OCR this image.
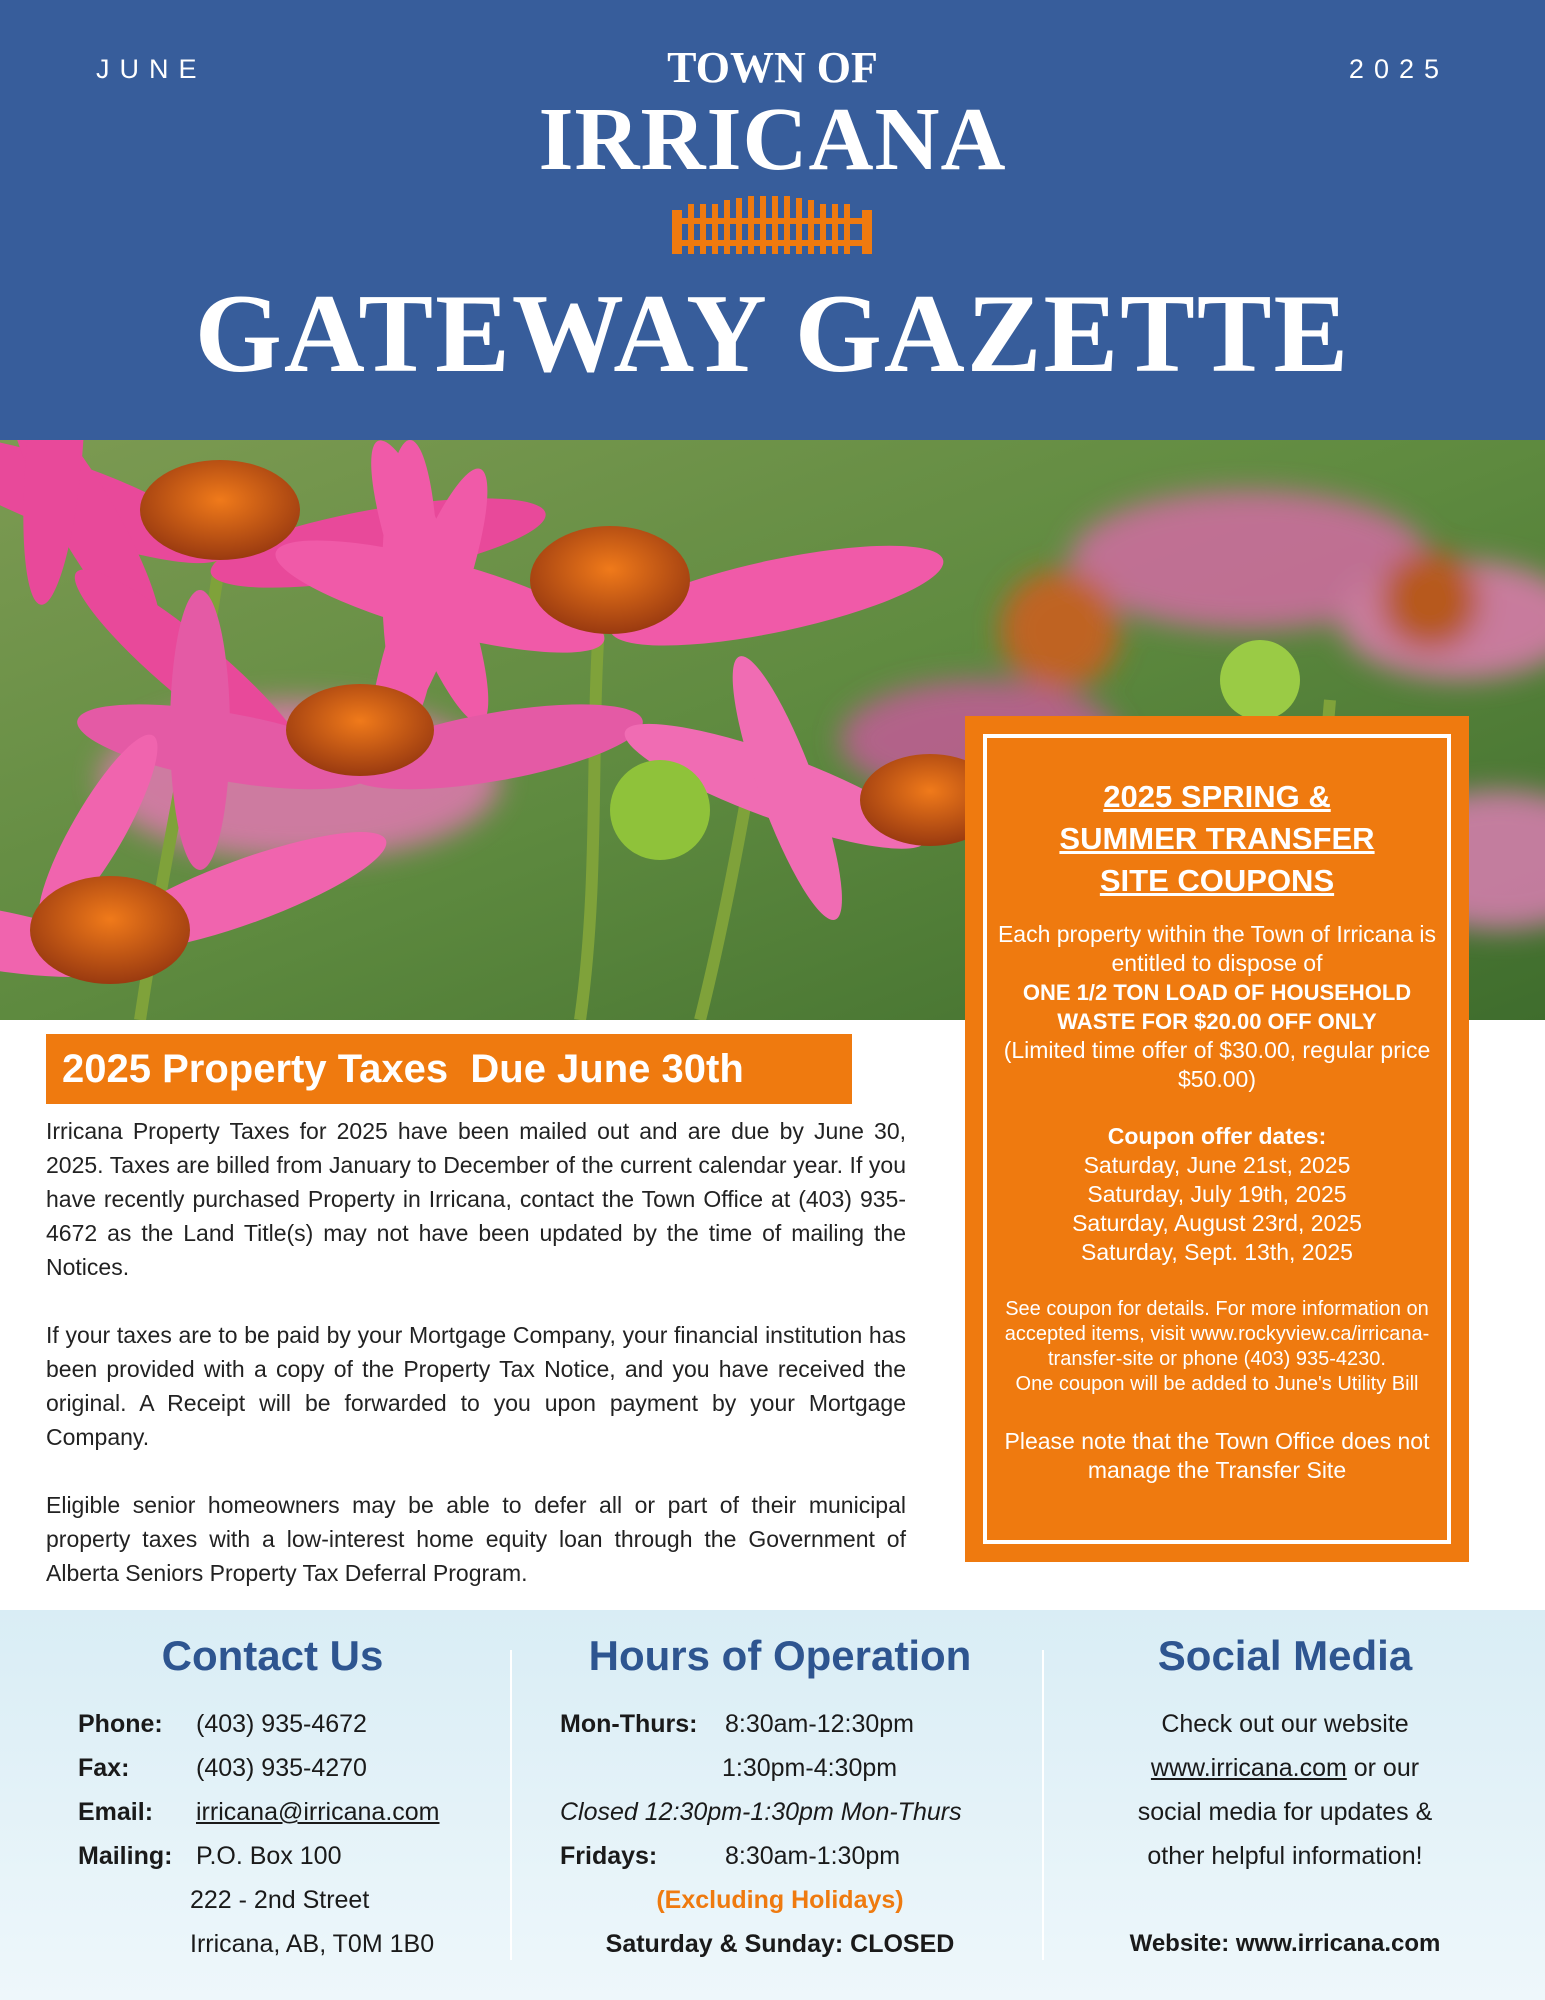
JUNE	2025
TOWN OF
IRRICANA
GATEWAY GAZETTE
2025 Property Taxes  Due June 30th

Irricana Property Taxes for 2025 have been mailed out and are due by June 30, 2025. Taxes are billed from January to December of the current calendar year. If you have recently purchased Property in Irricana, contact the Town Office at (403) 935-4672 as the Land Title(s) may not have been updated by the time of mailing the Notices.

If your taxes are to be paid by your Mortgage Company, your financial institution has been provided with a copy of the Property Tax Notice, and you have received the original. A Receipt will be forwarded to you upon payment by your Mortgage Company.

Eligible senior homeowners may be able to defer all or part of their municipal property taxes with a low-interest home equity loan through the Government of Alberta Seniors Property Tax Deferral Program.

2025 SPRING &
SUMMER TRANSFER
SITE COUPONS
Each property within the Town of Irricana is entitled to dispose of
ONE 1/2 TON LOAD OF HOUSEHOLD WASTE FOR $20.00 OFF ONLY
(Limited time offer of $30.00, regular price $50.00)
Coupon offer dates:
Saturday, June 21st, 2025
Saturday, July 19th, 2025
Saturday, August 23rd, 2025
Saturday, Sept. 13th, 2025
See coupon for details. For more information on accepted items, visit www.rockyview.ca/irricana-transfer-site or phone (403) 935-4230.
One coupon will be added to June's Utility Bill
Please note that the Town Office does not manage the Transfer Site
Contact Us
Phone: (403) 935-4672
Fax:	(403) 935-4270
Email: irricana@irricana.com
Mailing: P.O. Box 100
222 - 2nd Street
Irricana, AB, T0M 1B0
Hours of Operation
Mon-Thurs: 8:30am-12:30pm
1:30pm-4:30pm
Closed 12:30pm-1:30pm Mon-Thurs
Fridays:	8:30am-1:30pm
(Excluding Holidays)
Saturday & Sunday: CLOSED
Social Media
Check out our website
www.irricana.com or our
social media for updates &
other helpful information!
Website: www.irricana.com
